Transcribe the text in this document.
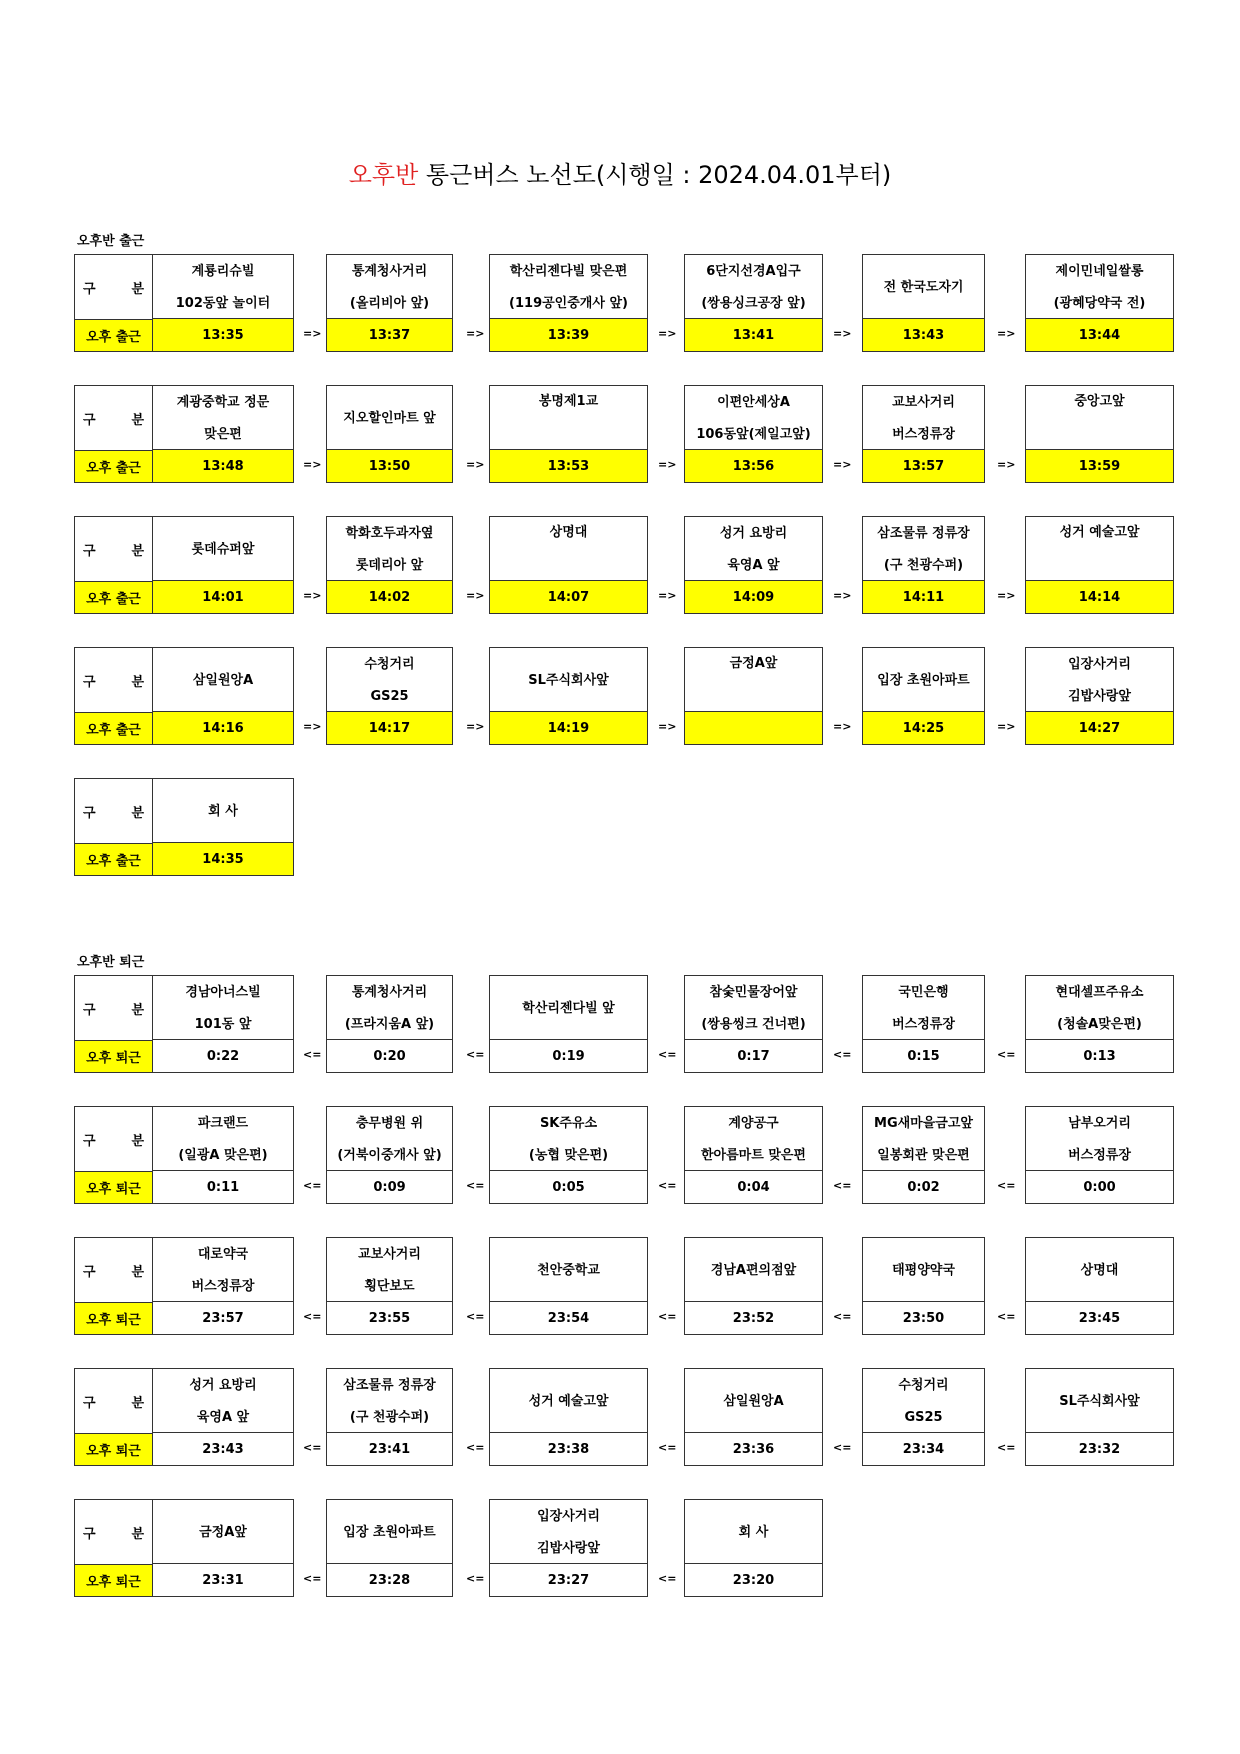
오후반 통근버스 노선도(시행일 : 2024.04.01부터)
오후반 출근
오후반 퇴근
구	분
오후 출근
계룡리슈빌
102동앞 놀이터
13:35	=>
통계청사거리
(올리비아 앞)
13:37	=>
학산리젠다빌 맞은편
(119공인중개사 앞)
13:39	=>
6단지선경A입구
(쌍용싱크공장 앞)
13:41	=>
전 한국도자기
13:43	=>
제이민네일쌀롱
(광혜당약국 전)
13:44
구	분
오후 출근
계광중학교 정문
맞은편
13:48	=>
지오할인마트 앞
13:50	=>
봉명제1교
13:53	=>
이편안세상A
106동앞(제일고앞)
13:56	=>
교보사거리
버스정류장
13:57	=>
중앙고앞
13:59
구	분
오후 출근
롯데슈퍼앞
14:01	=>
학화호두과자옆
롯데리아 앞
14:02	=>
상명대
14:07	=>
성거 요방리
육영A 앞
14:09	=>
삼조물류 정류장
(구 천광수퍼)
14:11	=>
성거 예술고앞
14:14
구	분
오후 출근
삼일원앙A
14:16	=>
수청거리
GS25
14:17	=>
SL주식회사앞
14:19	=>
금정A앞
=>
입장 초원아파트
14:25	=>
입장사거리
김밥사랑앞
14:27
구	분
오후 출근
회 사
14:35
구	분
오후 퇴근
경남아너스빌
101동 앞
0:22	<=
통계청사거리
(프라지움A 앞)
0:20	<=
학산리젠다빌 앞
0:19	<=
참숯민물장어앞
(쌍용씽크 건너편)
0:17	<=
국민은행
버스정류장
0:15	<=
현대셀프주유소
(청솔A맞은편)
0:13
구	분
오후 퇴근
파크랜드
(일광A 맞은편)
0:11	<=
충무병원 위
(거북이중개사 앞)
0:09	<=
SK주유소
(농협 맞은편)
0:05	<=
계양공구
한아름마트 맞은편
0:04	<=
MG새마을금고앞
일봉회관 맞은편
0:02	<=
남부오거리
버스정류장
0:00
구	분
오후 퇴근
대로약국
버스정류장
23:57	<=
교보사거리
횡단보도
23:55	<=
천안중학교
23:54	<=
경남A편의점앞
23:52	<=
태평양약국
23:50	<=
상명대
23:45
구	분
오후 퇴근
성거 요방리
육영A 앞
23:43	<=
삼조물류 정류장
(구 천광수퍼)
23:41	<=
성거 예술고앞
23:38	<=
삼일원앙A
23:36	<=
수청거리
GS25
23:34	<=
SL주식회사앞
23:32
구	분
오후 퇴근
금정A앞
23:31	<=
입장 초원아파트
23:28	<=
입장사거리
김밥사랑앞
23:27	<=
회 사
23:20
